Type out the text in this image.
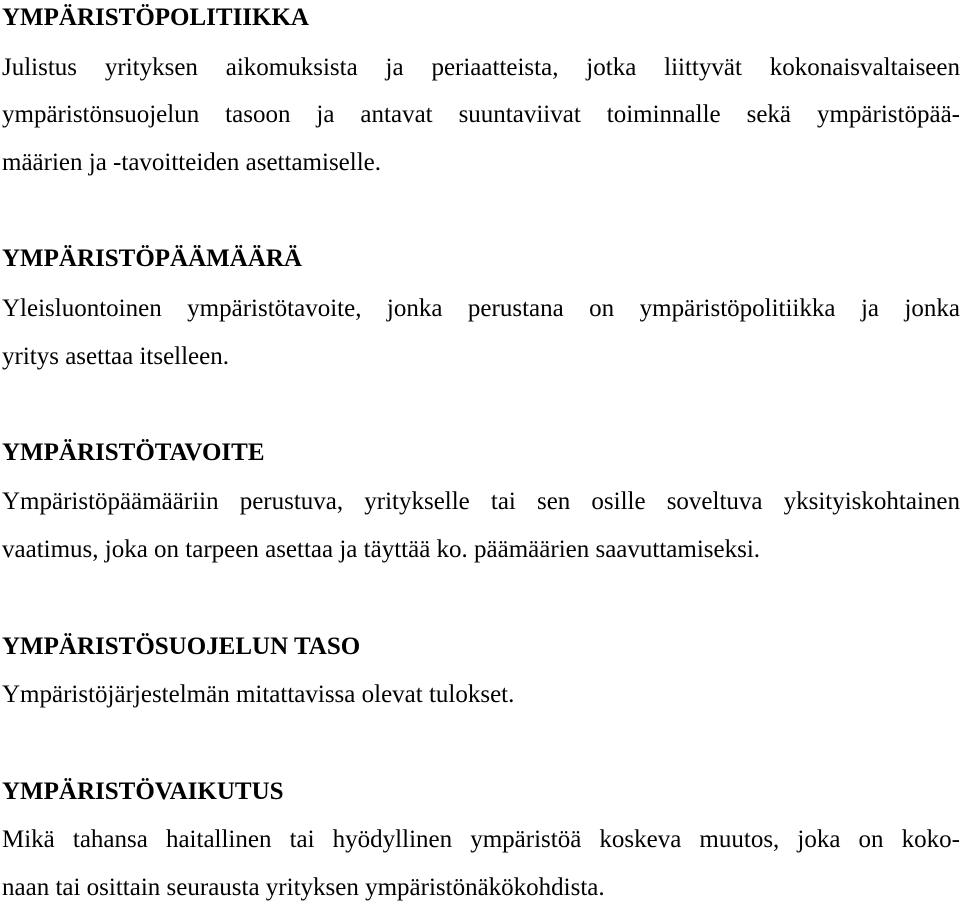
YMPÄRISTÖPOLITIIKKA

Julistus yrityksen aikomuksista ja periaatteista, jotka liittyvät kokonaisvaltaiseen

ympäristönsuojelun tasoon ja antavat suuntaviivat toiminnalle sekä ympäristöpää-

määrien ja -tavoitteiden asettamiselle.

YMPÄRISTÖPÄÄMÄÄRÄ

Yleisluontoinen ympäristötavoite, jonka perustana on ympäristöpolitiikka ja jonka

yritys asettaa itselleen.

YMPÄRISTÖTAVOITE

Ympäristöpäämääriin perustuva, yritykselle tai sen osille soveltuva yksityiskohtainen

vaatimus, joka on tarpeen asettaa ja täyttää ko. päämäärien saavuttamiseksi.

YMPÄRISTÖSUOJELUN TASO

Ympäristöjärjestelmän mitattavissa olevat tulokset.

YMPÄRISTÖVAIKUTUS

Mikä tahansa haitallinen tai hyödyllinen ympäristöä koskeva muutos, joka on koko-

naan tai osittain seurausta yrityksen ympäristönäkökohdista.
